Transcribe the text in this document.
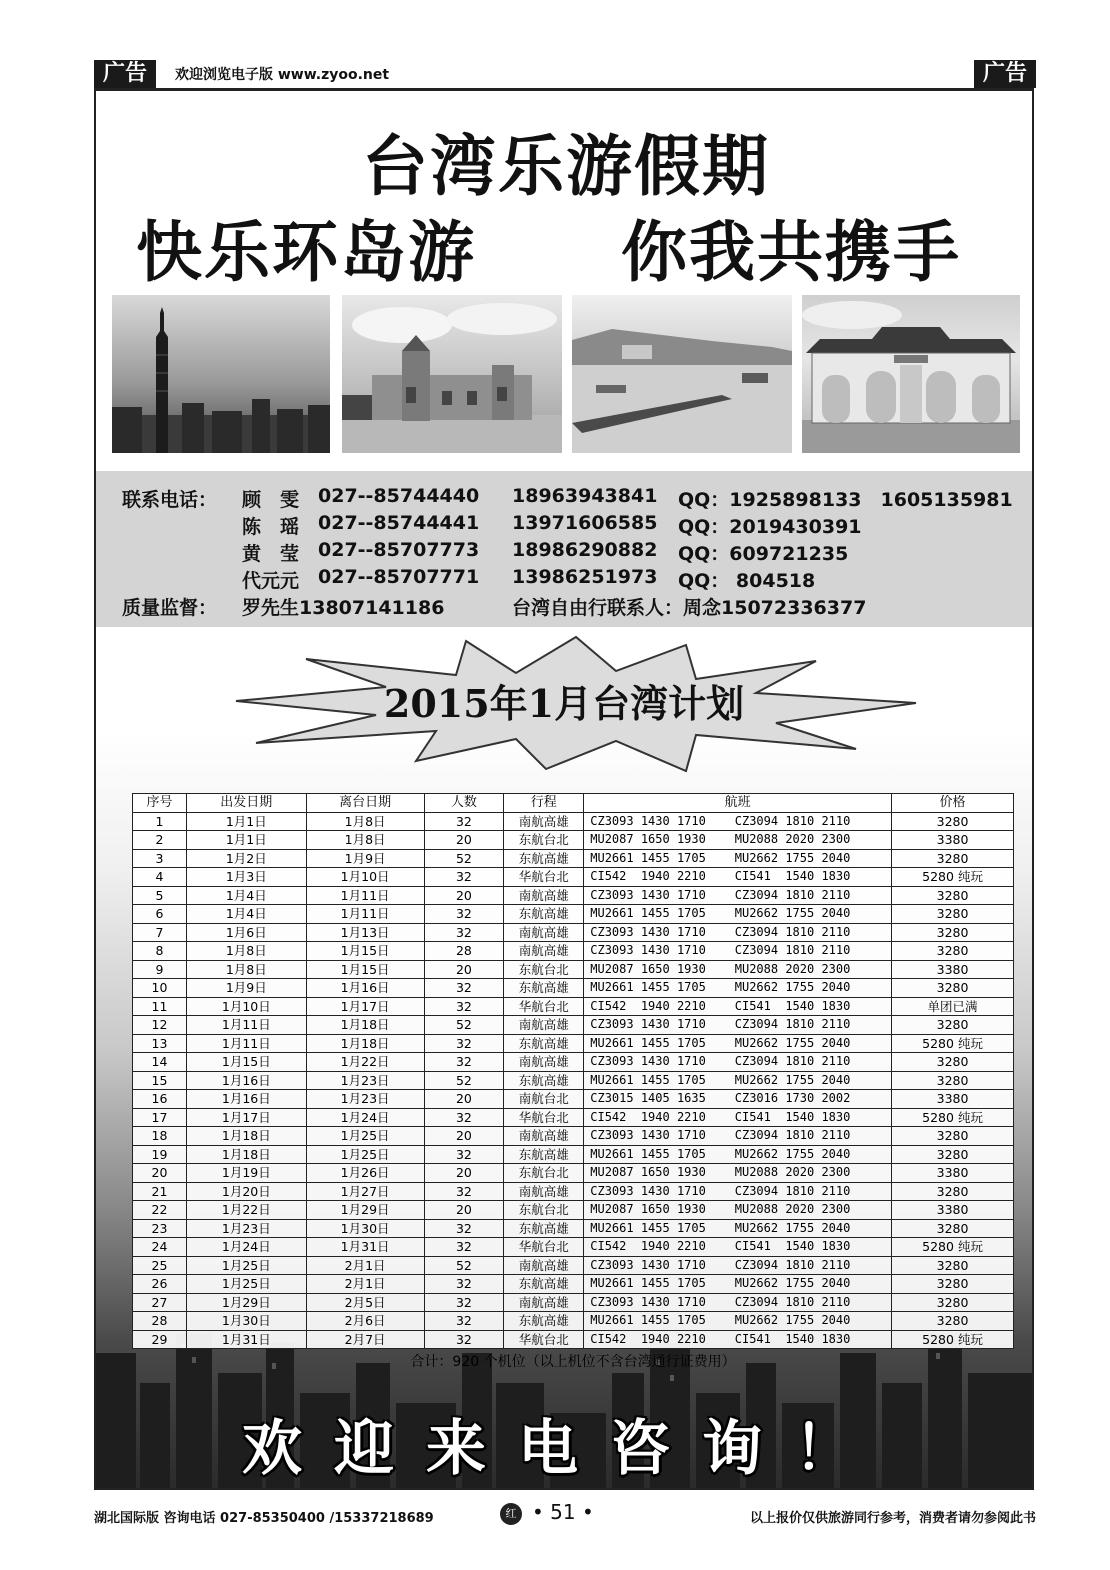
广告	欢迎浏览电子版 www.zyoo.net	广告
台湾乐游假期
快乐环岛游 你我共携手
联系电话： 顾　雯 027--85744440 18963943841 QQ：1925898133　1605135981
陈　瑶 027--85744441 13971606585 QQ：2019430391
黄　莹 027--85707773 18986290882 QQ：609721235
代元元 027--85707771 13986251973 QQ： 804518
质量监督： 罗先生13807141186	台湾自由行联系人：周念15072336377
2015年1月台湾计划
序号	出发日期	离台日期	人数	行程	航班	价格
1	1月1日	1月8日	32	南航高雄	CZ3093 1430 1710    CZ3094 1810 2110	3280
2	1月1日	1月8日	20	东航台北	MU2087 1650 1930    MU2088 2020 2300	3380
3	1月2日	1月9日	52	东航高雄	MU2661 1455 1705    MU2662 1755 2040	3280
4	1月3日	1月10日	32	华航台北	CI542  1940 2210    CI541  1540 1830	5280 纯玩
5	1月4日	1月11日	20	南航高雄	CZ3093 1430 1710    CZ3094 1810 2110	3280
6	1月4日	1月11日	32	东航高雄	MU2661 1455 1705    MU2662 1755 2040	3280
7	1月6日	1月13日	32	南航高雄	CZ3093 1430 1710    CZ3094 1810 2110	3280
8	1月8日	1月15日	28	南航高雄	CZ3093 1430 1710    CZ3094 1810 2110	3280
9	1月8日	1月15日	20	东航台北	MU2087 1650 1930    MU2088 2020 2300	3380
10	1月9日	1月16日	32	东航高雄	MU2661 1455 1705    MU2662 1755 2040	3280
11	1月10日	1月17日	32	华航台北	CI542  1940 2210    CI541  1540 1830	单团已满
12	1月11日	1月18日	52	南航高雄	CZ3093 1430 1710    CZ3094 1810 2110	3280
13	1月11日	1月18日	32	东航高雄	MU2661 1455 1705    MU2662 1755 2040	5280 纯玩
14	1月15日	1月22日	32	南航高雄	CZ3093 1430 1710    CZ3094 1810 2110	3280
15	1月16日	1月23日	52	东航高雄	MU2661 1455 1705    MU2662 1755 2040	3280
16	1月16日	1月23日	20	南航台北	CZ3015 1405 1635    CZ3016 1730 2002	3380
17	1月17日	1月24日	32	华航台北	CI542  1940 2210    CI541  1540 1830	5280 纯玩
18	1月18日	1月25日	20	南航高雄	CZ3093 1430 1710    CZ3094 1810 2110	3280
19	1月18日	1月25日	32	东航高雄	MU2661 1455 1705    MU2662 1755 2040	3280
20	1月19日	1月26日	20	东航台北	MU2087 1650 1930    MU2088 2020 2300	3380
21	1月20日	1月27日	32	南航高雄	CZ3093 1430 1710    CZ3094 1810 2110	3280
22	1月22日	1月29日	20	东航台北	MU2087 1650 1930    MU2088 2020 2300	3380
23	1月23日	1月30日	32	东航高雄	MU2661 1455 1705    MU2662 1755 2040	3280
24	1月24日	1月31日	32	华航台北	CI542  1940 2210    CI541  1540 1830	5280 纯玩
25	1月25日	2月1日	52	南航高雄	CZ3093 1430 1710    CZ3094 1810 2110	3280
26	1月25日	2月1日	32	东航高雄	MU2661 1455 1705    MU2662 1755 2040	3280
27	1月29日	2月5日	32	南航高雄	CZ3093 1430 1710    CZ3094 1810 2110	3280
28	1月30日	2月6日	32	东航高雄	MU2661 1455 1705    MU2662 1755 2040	3280
29	1月31日	2月7日	32	华航台北	CI542  1940 2210    CI541  1540 1830	5280 纯玩
合计：920 个机位（以上机位不含台湾通行证费用）
欢迎来电咨询！
湖北国际版 咨询电话 027-85350400 /15337218689	红 • 51 •	以上报价仅供旅游同行参考，消费者请勿参阅此书
